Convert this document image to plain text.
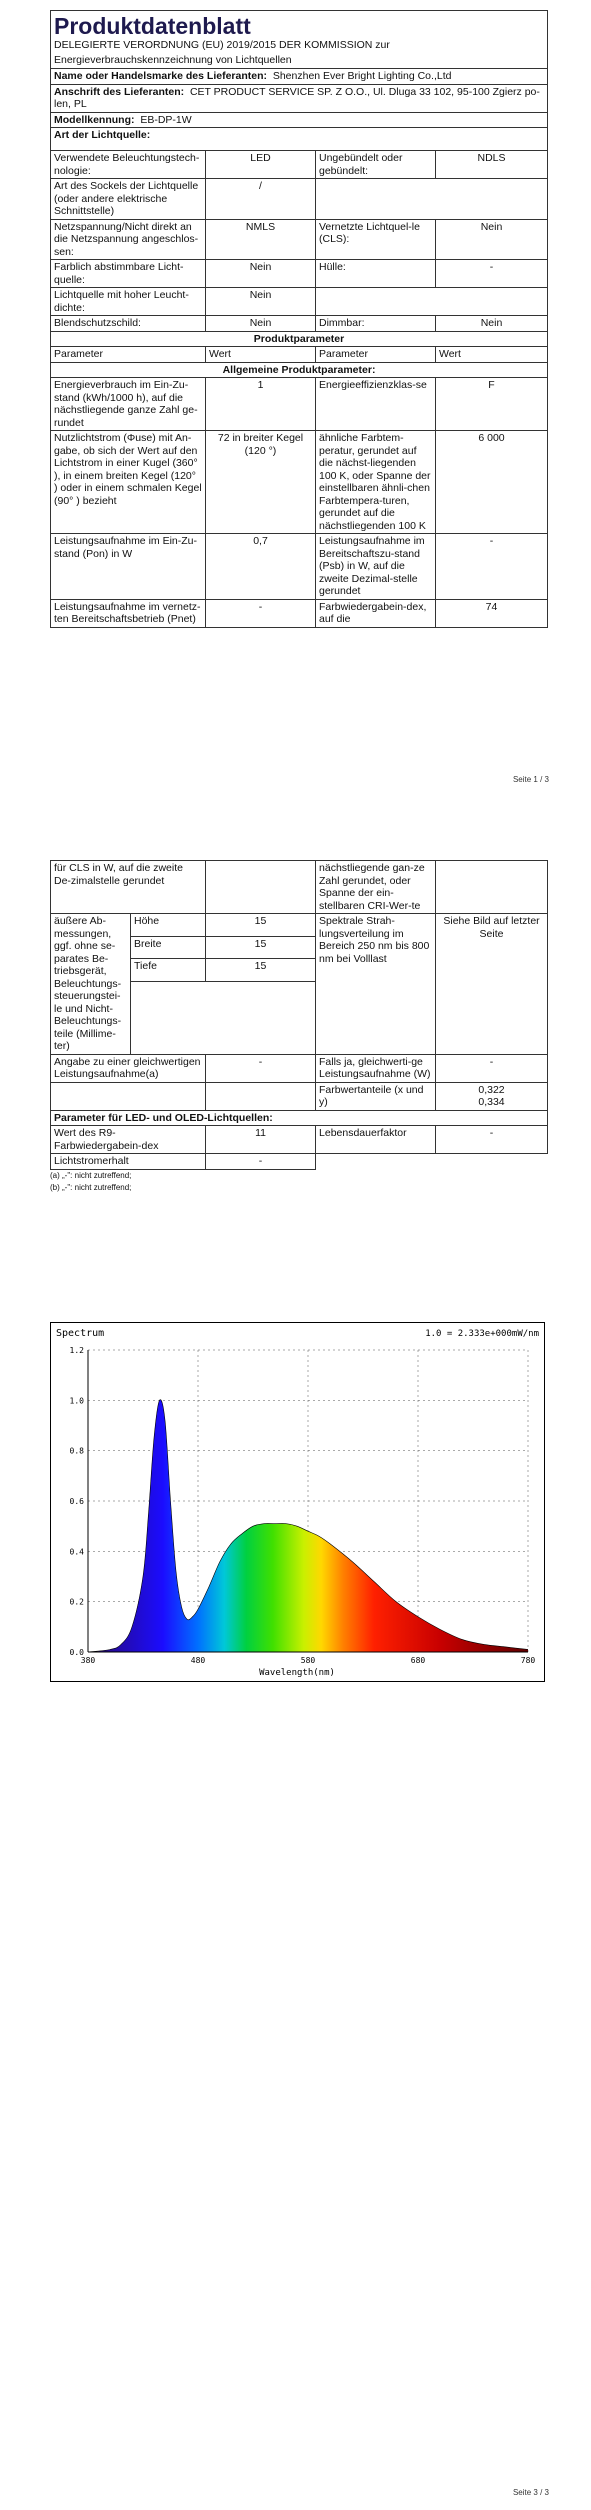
Produktdatenblatt
DELEGIERTE VERORDNUNG (EU) 2019/2015 DER KOMMISSION zur
Energieverbrauchskennzeichnung von Lichtquellen			

Name oder Handelsmarke des Lieferanten: Shenzhen Ever Bright Lighting Co.,Ltd			
Anschrift des Lieferanten: CET PRODUCT SERVICE SP. Z O.O., Ul. Dluga 33 102, 95-100 Zgierz po-len, PL			
Modellkennung: EB-DP-1W			
Art der Lichtquelle:			
Verwendete Beleuchtungstech-nologie:	LED	Ungebündelt oder gebündelt:	NDLS
Art des Sockels der Lichtquelle (oder andere elektrische Schnittstelle)	/		
Netzspannung/Nicht direkt an die Netzspannung angeschlos-sen:	NMLS	Vernetzte Lichtquel-le (CLS):	Nein
Farblich abstimmbare Licht-quelle:	Nein	Hülle:	-
Lichtquelle mit hoher Leucht-dichte:	Nein		
Blendschutzschild:	Nein	Dimmbar:	Nein
Produktparameter			
Parameter	Wert	Parameter	Wert
Allgemeine Produktparameter:			
Energieverbrauch im Ein-Zu-stand (kWh/1000 h), auf die nächstliegende ganze Zahl ge-rundet	1	Energieeffizienzklas-se	F
Nutzlichtstrom (Φuse) mit An-gabe, ob sich der Wert auf den Lichtstrom in einer Kugel (360° ), in einem breiten Kegel (120° ) oder in einem schmalen Kegel (90° ) bezieht	72 in breiter Kegel (120 °)	ähnliche Farbtem-peratur, gerundet auf die nächst-liegenden 100 K, oder Spanne der einstellbaren ähnli-chen Farbtempera-turen, gerundet auf die nächstliegenden 100 K	6 000
Leistungsaufnahme im Ein-Zu-stand (Pon) in W	0,7	Leistungsaufnahme im Bereitschaftszu-stand (Psb) in W, auf die zweite Dezimal-stelle gerundet	-
Leistungsaufnahme im vernetz-ten Bereitschaftsbetrieb (Pnet)	-	Farbwiedergabein-dex, auf die	74
Seite 1 / 3
für CLS in W, auf die zweite De-zimalstelle gerundet			nächstliegende gan-ze Zahl gerundet, oder Spanne der ein-stellbaren CRI-Wer-te	
äußere Ab-messungen, ggf. ohne se-parates Be-triebsgerät, Beleuchtungs-steuerungstei-le und Nicht-Beleuchtungs-teile (Millime-ter)	Höhe	15	Spektrale Strah-lungsverteilung im Bereich 250 nm bis 800 nm bei Volllast	Siehe Bild auf letzter Seite
	Breite	15		
	Tiefe	15		

Angabe zu einer gleichwertigen Leistungsaufnahme(a)		-	Falls ja, gleichwerti-ge Leistungsaufnahme (W)	-
			Farbwertanteile (x und y)	0,322
0,334

Parameter für LED- und OLED-Lichtquellen:				
Wert des R9-Farbwiedergabein-dex		11	Lebensdauerfaktor	-
Lichtstromerhalt		-		
(a) „-": nicht zutreffend;
(b) „-": nicht zutreffend;
Spectrum	1.0 = 2.333e+000mW/nm
Wavelength(nm)
0.0
0.2
0.4
0.6
0.8
1.0
1.2
380	480	580	680	780
Seite 3 / 3
